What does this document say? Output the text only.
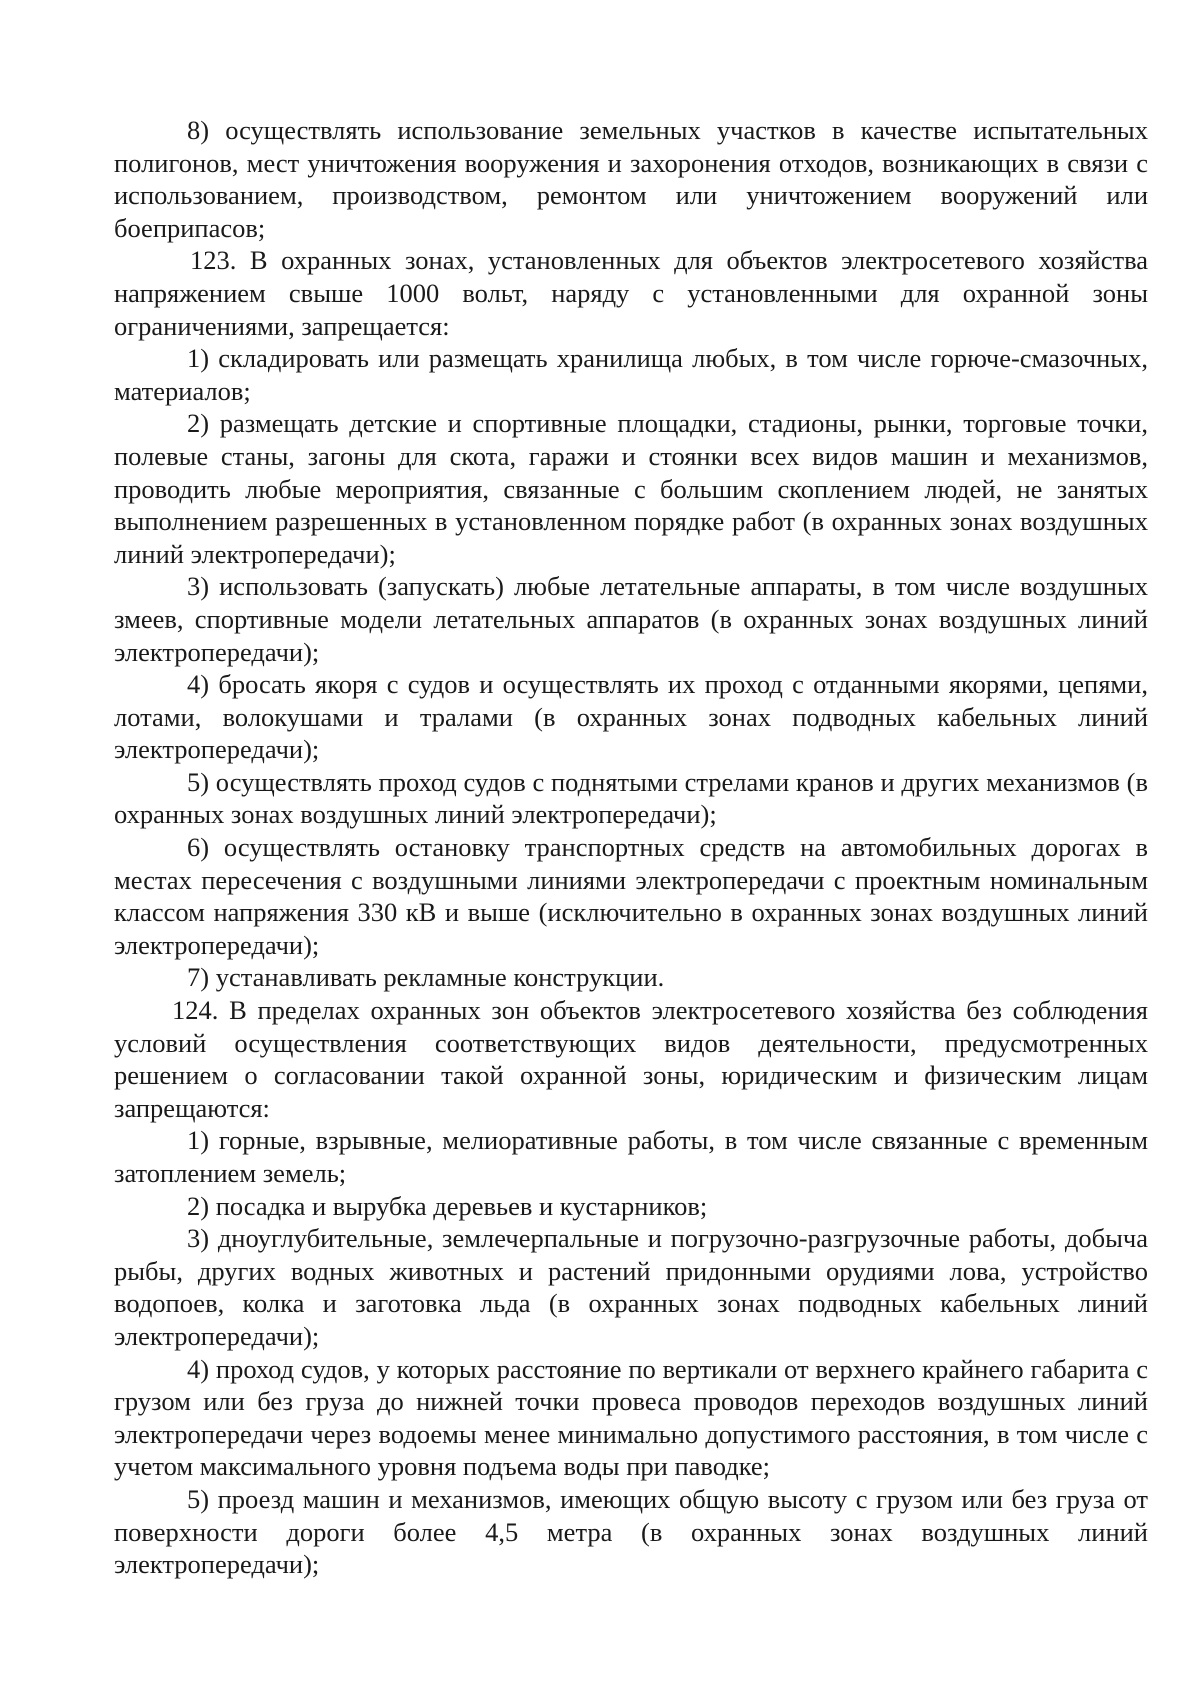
8) осуществлять использование земельных участков в качестве испытательных полигонов, мест уничтожения вооружения и захоронения отходов, возникающих в связи с использованием, производством, ремонтом или уничтожением вооружений или боеприпасов;

123. В охранных зонах, установленных для объектов электросетевого хозяйства напряжением свыше 1000 вольт, наряду с установленными для охранной зоны ограничениями, запрещается:

1) складировать или размещать хранилища любых, в том числе горюче-смазочных, материалов;

2) размещать детские и спортивные площадки, стадионы, рынки, торговые точки, полевые станы, загоны для скота, гаражи и стоянки всех видов машин и механизмов, проводить любые мероприятия, связанные с большим скоплением людей, не занятых выполнением разрешенных в установленном порядке работ (в охранных зонах воздушных линий электропередачи);

3) использовать (запускать) любые летательные аппараты, в том числе воздушных змеев, спортивные модели летательных аппаратов (в охранных зонах воздушных линий электропередачи);

4) бросать якоря с судов и осуществлять их проход с отданными якорями, цепями, лотами, волокушами и тралами (в охранных зонах подводных кабельных линий электропередачи);

5) осуществлять проход судов с поднятыми стрелами кранов и других механизмов (в охранных зонах воздушных линий электропередачи);

6) осуществлять остановку транспортных средств на автомобильных дорогах в местах пересечения с воздушными линиями электропередачи с проектным номинальным классом напряжения 330 кВ и выше (исключительно в охранных зонах воздушных линий электропередачи);

7) устанавливать рекламные конструкции.

124. В пределах охранных зон объектов электросетевого хозяйства без соблюдения условий осуществления соответствующих видов деятельности, предусмотренных решением о согласовании такой охранной зоны, юридическим и физическим лицам запрещаются:

1) горные, взрывные, мелиоративные работы, в том числе связанные с временным затоплением земель;

2) посадка и вырубка деревьев и кустарников;

3) дноуглубительные, землечерпальные и погрузочно-разгрузочные работы, добыча рыбы, других водных животных и растений придонными орудиями лова, устройство водопоев, колка и заготовка льда (в охранных зонах подводных кабельных линий электропередачи);

4) проход судов, у которых расстояние по вертикали от верхнего крайнего габарита с грузом или без груза до нижней точки провеса проводов переходов воздушных линий электропередачи через водоемы менее минимально допустимого расстояния, в том числе с учетом максимального уровня подъема воды при паводке;

5) проезд машин и механизмов, имеющих общую высоту с грузом или без груза от поверхности дороги более 4,5 метра (в охранных зонах воздушных линий электропередачи);
